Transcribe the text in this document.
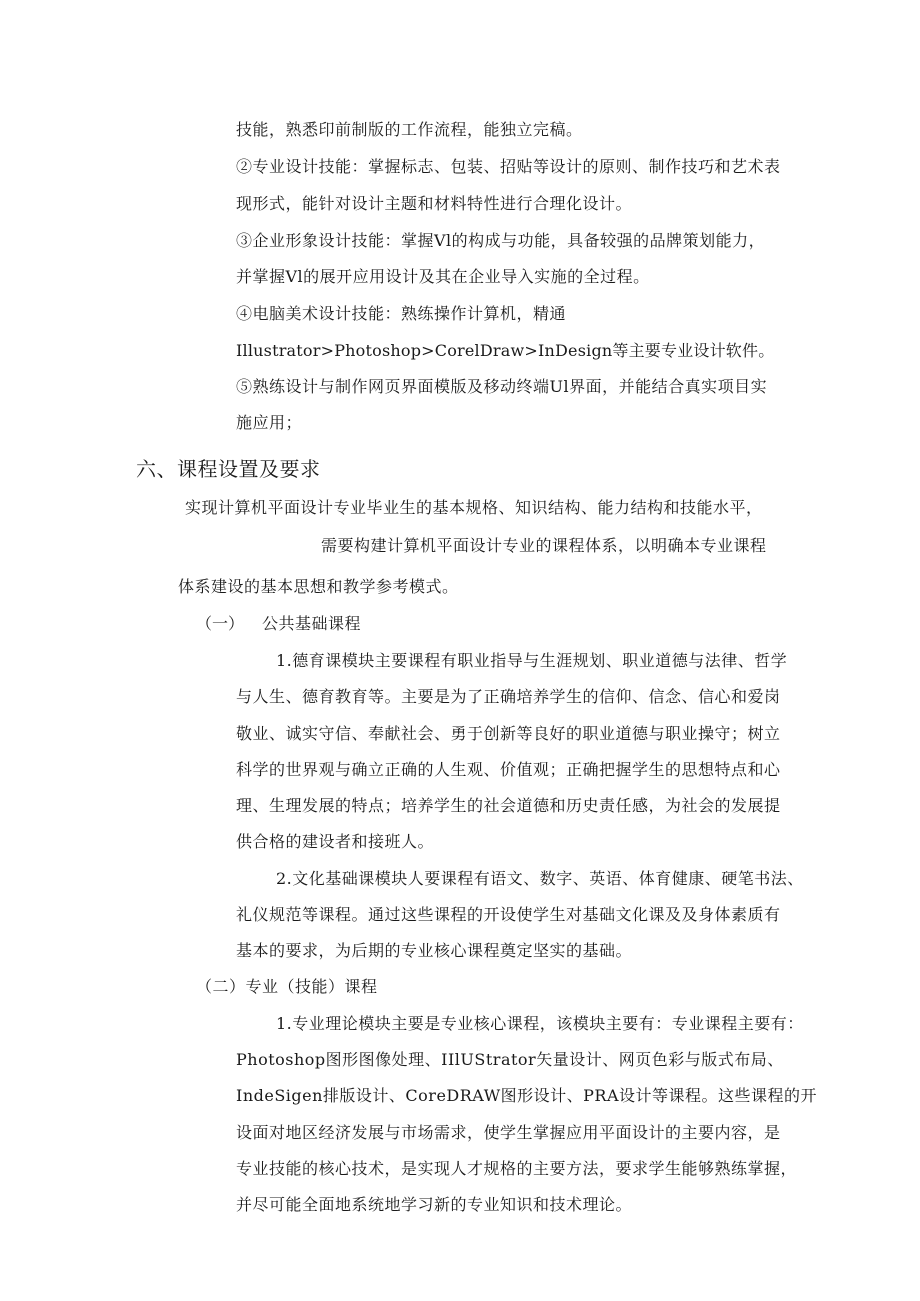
技能，熟悉印前制版的工作流程，能独立完稿。
②专业设计技能：掌握标志、包装、招贴等设计的原则、制作技巧和艺术表
现形式，能针对设计主题和材料特性进行合理化设计。
③企业形象设计技能：掌握Vl的构成与功能，具备较强的品牌策划能力，
并掌握Vl的展开应用设计及其在企业导入实施的全过程。
④电脑美术设计技能：熟练操作计算机，精通
Illustrator>Photoshop>CorelDraw>InDesign等主要专业设计软件。
⑤熟练设计与制作网页界面模版及移动终端Ul界面，并能结合真实项目实
施应用；
六、课程设置及要求
实现计算机平面设计专业毕业生的基本规格、知识结构、能力结构和技能水平，
需要构建计算机平面设计专业的课程体系，以明确本专业课程
体系建设的基本思想和教学参考模式。
（一） 公共基础课程
1.德育课模块主要课程有职业指导与生涯规划、职业道德与法律、哲学
与人生、德育教育等。主要是为了正确培养学生的信仰、信念、信心和爱岗
敬业、诚实守信、奉献社会、勇于创新等良好的职业道德与职业操守；树立
科学的世界观与确立正确的人生观、价值观；正确把握学生的思想特点和心
理、生理发展的特点；培养学生的社会道德和历史责任感，为社会的发展提
供合格的建设者和接班人。
2.文化基础课模块人要课程有语文、数字、英语、体育健康、硬笔书法、
礼仪规范等课程。通过这些课程的开设使学生对基础文化课及及身体素质有
基本的要求，为后期的专业核心课程奠定坚实的基础。
（二）专业（技能）课程
1.专业理论模块主要是专业核心课程，该模块主要有：专业课程主要有：
Photoshop图形图像处理、IIlUStrator矢量设计、网页色彩与版式布局、
IndeSigen排版设计、CoreDRAW图形设计、PRA设计等课程。这些课程的开
设面对地区经济发展与市场需求，使学生掌握应用平面设计的主要内容，是
专业技能的核心技术，是实现人才规格的主要方法，要求学生能够熟练掌握，
并尽可能全面地系统地学习新的专业知识和技术理论。
